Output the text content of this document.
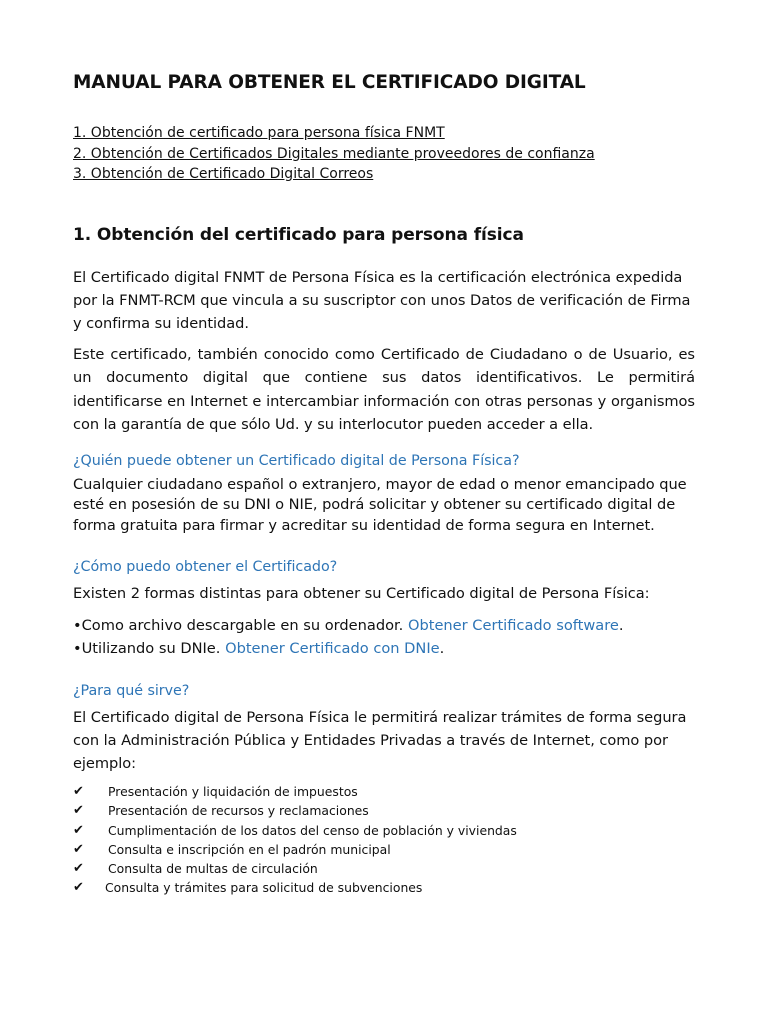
MANUAL PARA OBTENER EL CERTIFICADO DIGITAL
1. Obtención de certificado para persona física FNMT
2. Obtención de Certificados Digitales mediante proveedores de confianza
3. Obtención de Certificado Digital Correos
1. Obtención del certificado para persona física

El Certificado digital FNMT de Persona Física es la certificación electrónica expedida por la FNMT-RCM que vincula a su suscriptor con unos Datos de verificación de Firma y confirma su identidad.

Este certificado, también conocido como Certificado de Ciudadano o de Usuario, es un documento digital que contiene sus datos identificativos. Le permitirá identificarse en Internet e intercambiar información con otras personas y organismos con la garantía de que sólo Ud. y su interlocutor pueden acceder a ella.

¿Quién puede obtener un Certificado digital de Persona Física?

Cualquier ciudadano español o extranjero, mayor de edad o menor emancipado que esté en posesión de su DNI o NIE, podrá solicitar y obtener su certificado digital de forma gratuita para firmar y acreditar su identidad de forma segura en Internet.

¿Cómo puedo obtener el Certificado?

Existen 2 formas distintas para obtener su Certificado digital de Persona Física:

•Como archivo descargable en su ordenador. Obtener Certificado software.
•Utilizando su DNIe. Obtener Certificado con DNIe.

¿Para qué sirve?

El Certificado digital de Persona Física le permitirá realizar trámites de forma segura con la Administración Pública y Entidades Privadas a través de Internet, como por ejemplo:

✔ Presentación y liquidación de impuestos
✔ Presentación de recursos y reclamaciones
✔ Cumplimentación de los datos del censo de población y viviendas
✔ Consulta e inscripción en el padrón municipal
✔ Consulta de multas de circulación
✔ Consulta y trámites para solicitud de subvenciones
